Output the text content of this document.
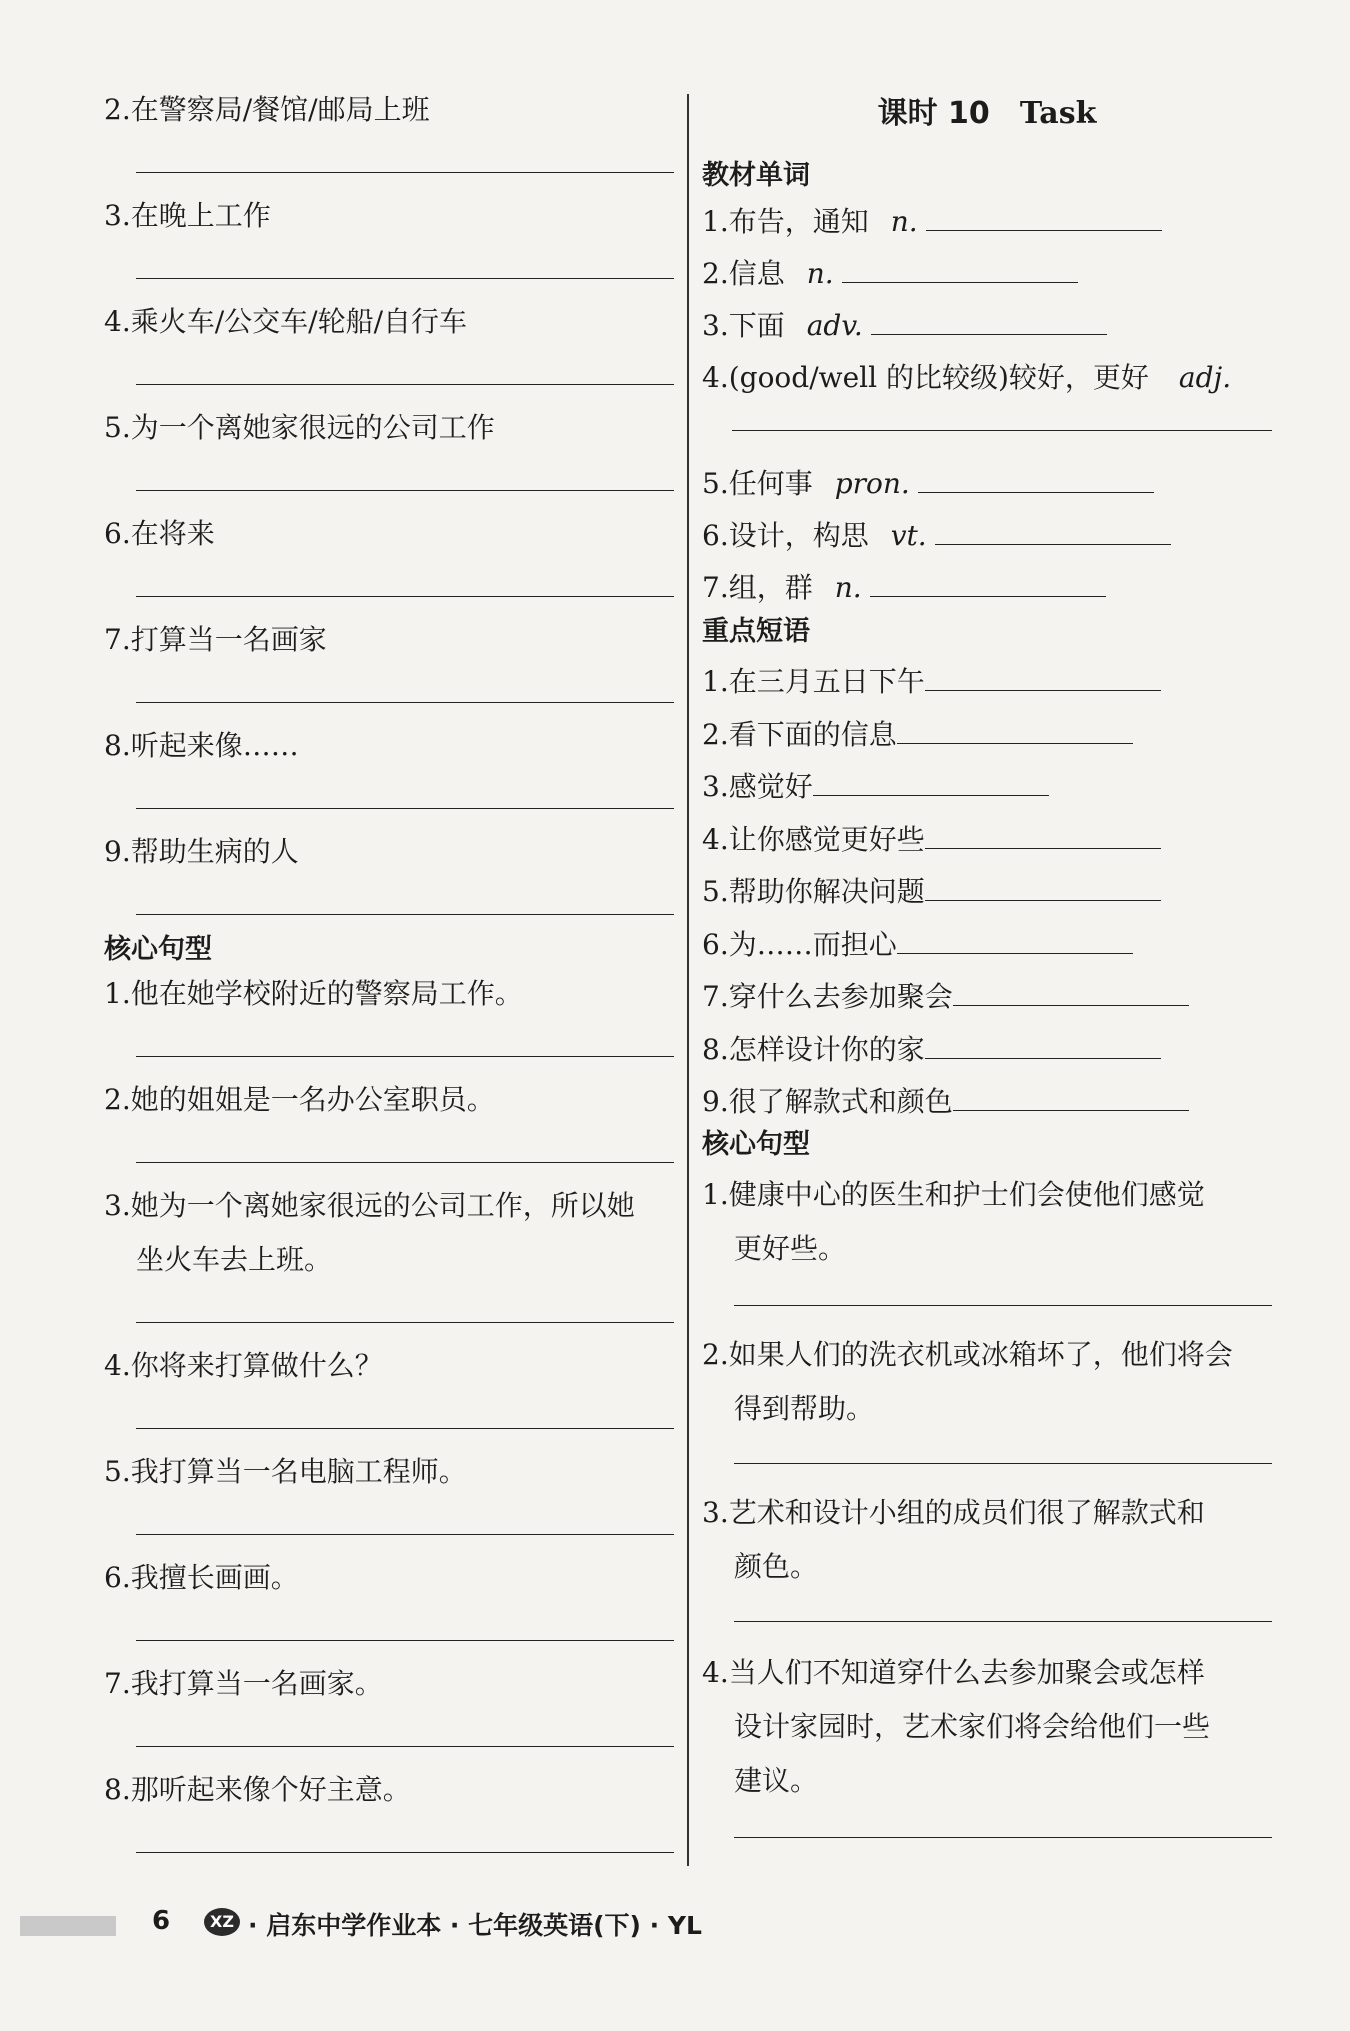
2.在警察局/餐馆/邮局上班
3.在晚上工作
4.乘火车/公交车/轮船/自行车
5.为一个离她家很远的公司工作
6.在将来
7.打算当一名画家
8.听起来像……
9.帮助生病的人
核心句型
1.他在她学校附近的警察局工作。
2.她的姐姐是一名办公室职员。
3.她为一个离她家很远的公司工作，所以她
坐火车去上班。
4.你将来打算做什么？
5.我打算当一名电脑工程师。
6.我擅长画画。
7.我打算当一名画家。
8.那听起来像个好主意。
课时 10 Task
教材单词
1.布告，通知 n.
2.信息 n.
3.下面 adv.
4.(good/well 的比较级)较好，更好 adj.
5.任何事 pron.
6.设计，构思 vt.
7.组，群 n.
重点短语
1.在三月五日下午
2.看下面的信息
3.感觉好
4.让你感觉更好些
5.帮助你解决问题
6.为……而担心
7.穿什么去参加聚会
8.怎样设计你的家
9.很了解款式和颜色
核心句型
1.健康中心的医生和护士们会使他们感觉
更好些。
2.如果人们的洗衣机或冰箱坏了，他们将会
得到帮助。
3.艺术和设计小组的成员们很了解款式和
颜色。
4.当人们不知道穿什么去参加聚会或怎样
设计家园时，艺术家们将会给他们一些
建议。
6	XZ · 启东中学作业本 · 七年级英语(下) · YL
